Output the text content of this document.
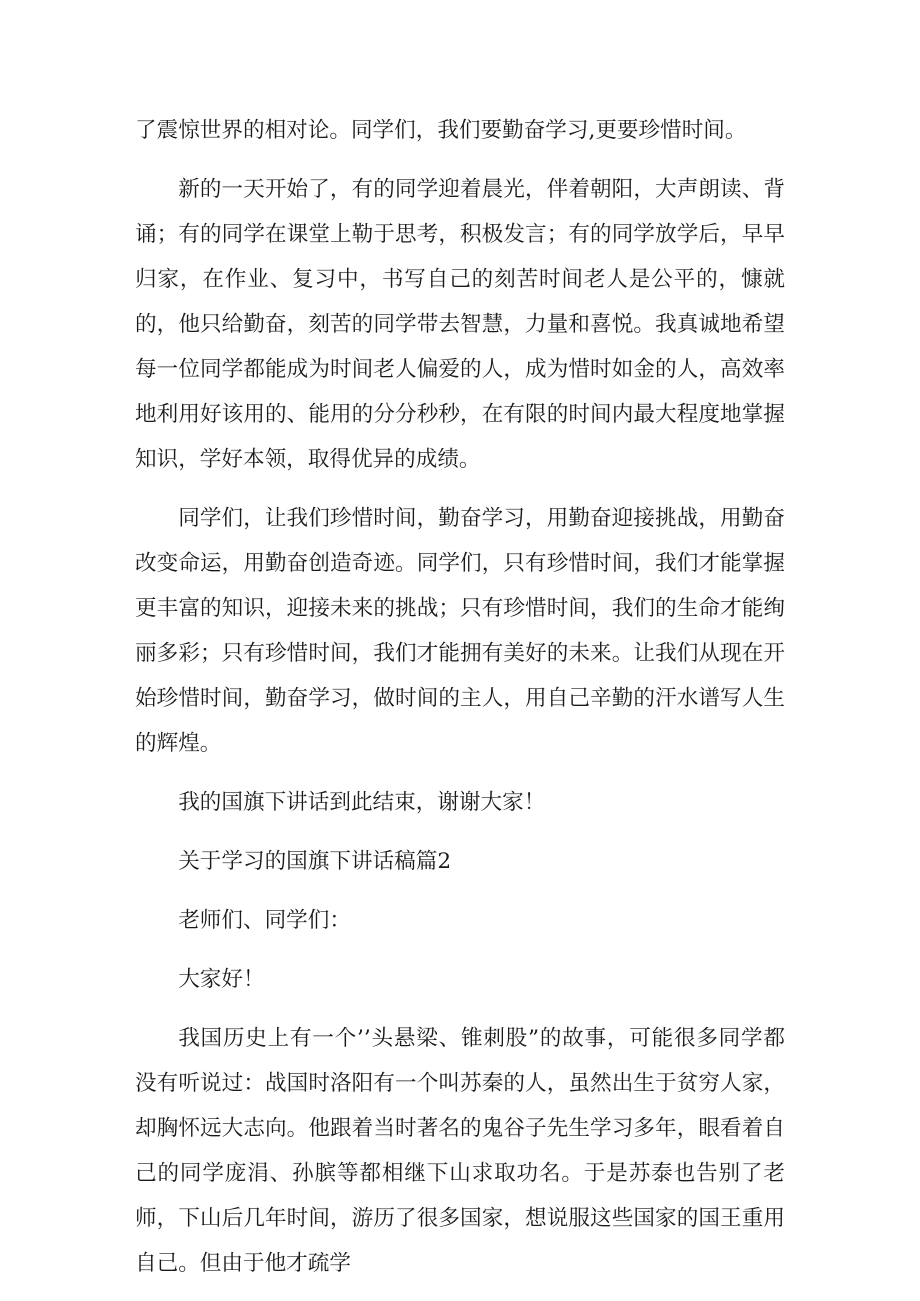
了震惊世界的相对论。同学们，我们要勤奋学习,更要珍惜时间。

新的一天开始了，有的同学迎着晨光，伴着朝阳，大声朗读、背诵；有的同学在课堂上勒于思考，积极发言；有的同学放学后，早早归家，在作业、复习中，书写自己的刻苦时间老人是公平的，慷就的，他只给勤奋，刻苦的同学带去智慧，力量和喜悦。我真诚地希望每一位同学都能成为时间老人偏爱的人，成为惜时如金的人，高效率地利用好该用的、能用的分分秒秒，在有限的时间内最大程度地掌握知识，学好本领，取得优异的成绩。

同学们，让我们珍惜时间，勤奋学习，用勤奋迎接挑战，用勤奋改变命运，用勤奋创造奇迹。同学们，只有珍惜时间，我们才能掌握更丰富的知识，迎接未来的挑战；只有珍惜时间，我们的生命才能绚丽多彩；只有珍惜时间，我们才能拥有美好的未来。让我们从现在开始珍惜时间，勤奋学习，做时间的主人，用自己辛勤的汗水谱写人生的辉煌。

我的国旗下讲话到此结束，谢谢大家！

关于学习的国旗下讲话稿篇2

老师们、同学们：

大家好！

我国历史上有一个’’头悬梁、锥刺股”的故事，可能很多同学都没有听说过：战国时洛阳有一个叫苏秦的人，虽然出生于贫穷人家，却胸怀远大志向。他跟着当时著名的鬼谷子先生学习多年，眼看着自己的同学庞涓、孙膑等都相继下山求取功名。于是苏泰也告别了老师，下山后几年时间，游历了很多国家，想说服这些国家的国王重用自己。但由于他才疏学
